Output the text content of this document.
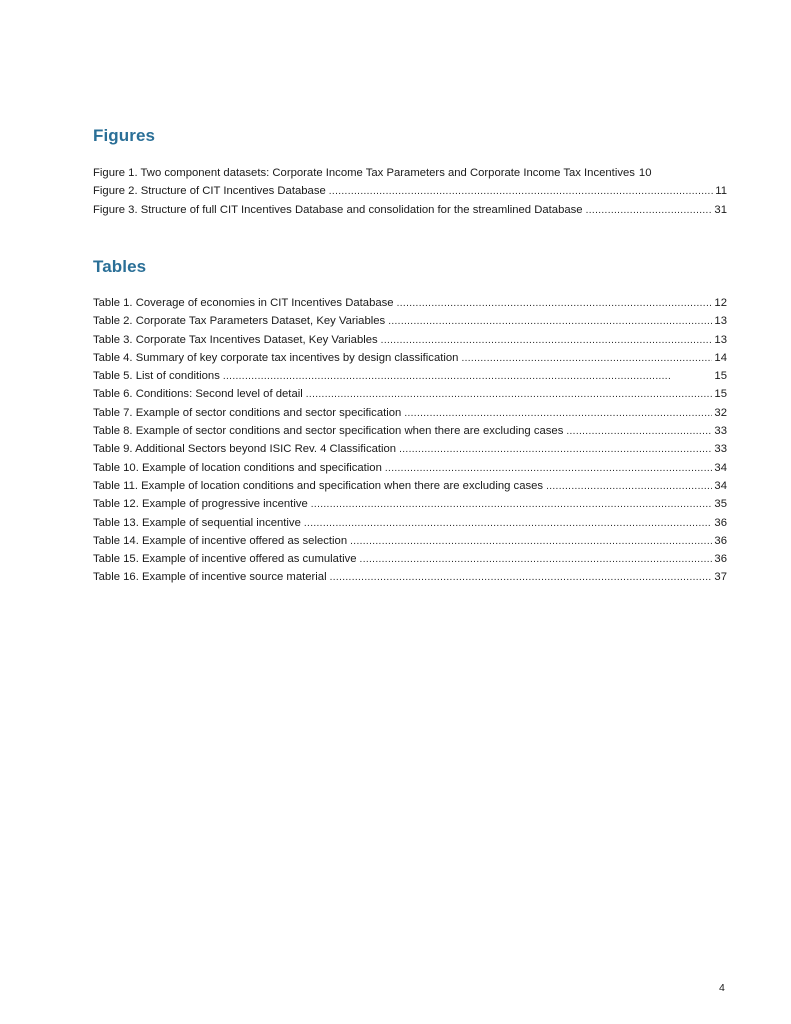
Figures
Figure 1. Two component datasets: Corporate Income Tax Parameters and Corporate Income Tax Incentives 10
Figure 2. Structure of CIT Incentives Database . . .	11
Figure 3. Structure of full CIT Incentives Database and consolidation for the streamlined Database . . .	31
Tables
Table 1. Coverage of economies in CIT Incentives Database . . .	12
Table 2. Corporate Tax Parameters Dataset, Key Variables . . .	13
Table 3. Corporate Tax Incentives Dataset, Key Variables . . .	13
Table 4. Summary of key corporate tax incentives by design classification . . .	14
Table 5. List of conditions . . .	15
Table 6. Conditions: Second level of detail . . .	15
Table 7. Example of sector conditions and sector specification . . .	32
Table 8. Example of sector conditions and sector specification when there are excluding cases . . .	33
Table 9. Additional Sectors beyond ISIC Rev. 4 Classification . . .	33
Table 10. Example of location conditions and specification . . .	34
Table 11. Example of location conditions and specification when there are excluding cases . . .	34
Table 12. Example of progressive incentive . . .	35
Table 13. Example of sequential incentive . . .	36
Table 14. Example of incentive offered as selection . . .	36
Table 15. Example of incentive offered as cumulative . . .	36
Table 16. Example of incentive source material . . .	37
4
